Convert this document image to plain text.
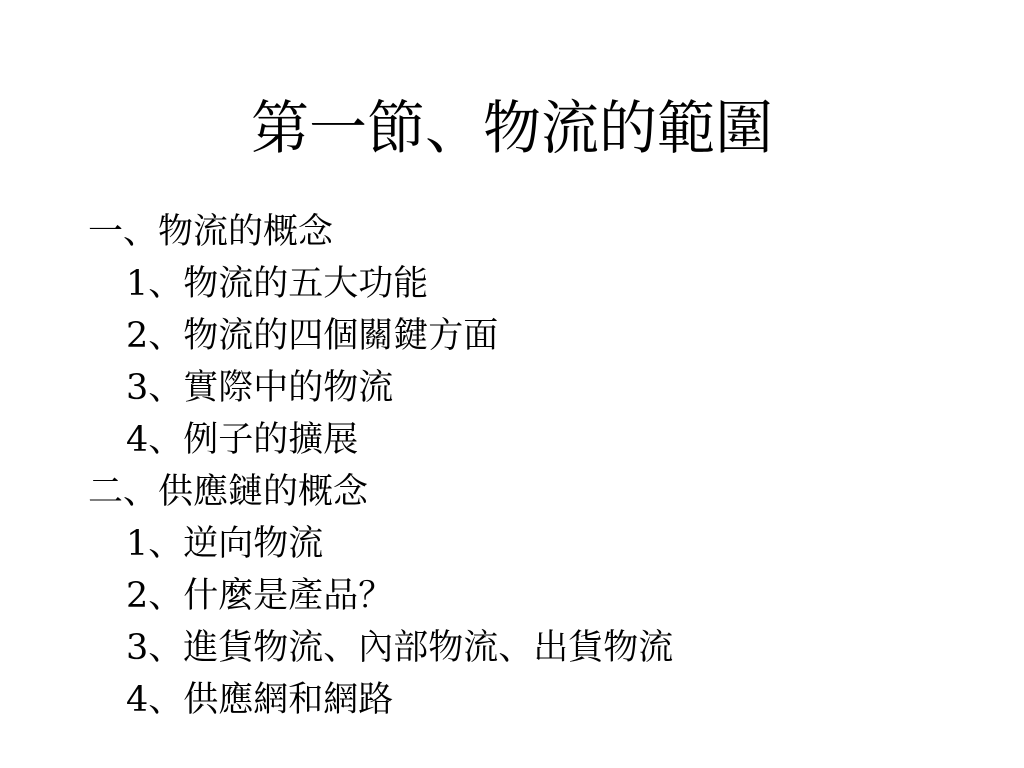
第一節、物流的範圍
一、物流的概念
1、物流的五大功能
2、物流的四個關鍵方面
3、實際中的物流
4、例子的擴展
二、供應鏈的概念
1、逆向物流
2、什麼是產品？
3、進貨物流、內部物流、出貨物流
4、供應網和網路
